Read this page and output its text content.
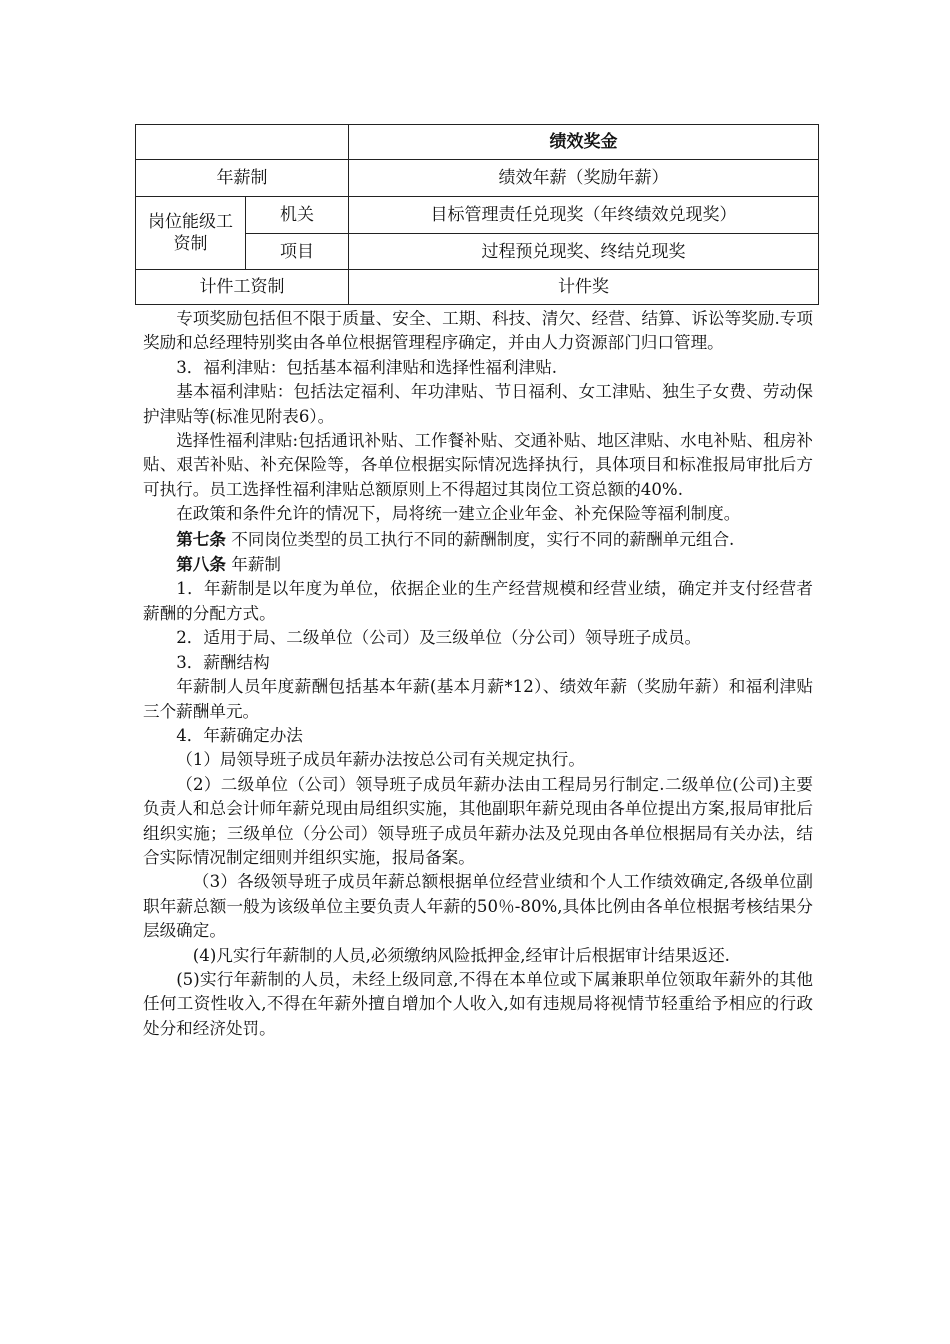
		绩效奖金
年薪制		绩效年薪（奖励年薪）
岗位能级工资制	机关	目标管理责任兑现奖（年终绩效兑现奖）
	项目	过程预兑现奖、终结兑现奖
计件工资制		计件奖

专项奖励包括但不限于质量、安全、工期、科技、清欠、经营、结算、诉讼等奖励.专项奖励和总经理特别奖由各单位根据管理程序确定，并由人力资源部门归口管理。

3．福利津贴：包括基本福利津贴和选择性福利津贴.

基本福利津贴：包括法定福利、年功津贴、节日福利、女工津贴、独生子女费、劳动保护津贴等(标准见附表6）。

选择性福利津贴:包括通讯补贴、工作餐补贴、交通补贴、地区津贴、水电补贴、租房补贴、艰苦补贴、补充保险等，各单位根据实际情况选择执行，具体项目和标准报局审批后方可执行。员工选择性福利津贴总额原则上不得超过其岗位工资总额的40%.

在政策和条件允许的情况下，局将统一建立企业年金、补充保险等福利制度。

第七条 不同岗位类型的员工执行不同的薪酬制度，实行不同的薪酬单元组合.

第八条 年薪制

1．年薪制是以年度为单位，依据企业的生产经营规模和经营业绩，确定并支付经营者薪酬的分配方式。

2．适用于局、二级单位（公司）及三级单位（分公司）领导班子成员。

3．薪酬结构

年薪制人员年度薪酬包括基本年薪(基本月薪*12）、绩效年薪（奖励年薪）和福利津贴三个薪酬单元。

4．年薪确定办法

（1）局领导班子成员年薪办法按总公司有关规定执行。

（2）二级单位（公司）领导班子成员年薪办法由工程局另行制定.二级单位(公司)主要负责人和总会计师年薪兑现由局组织实施，其他副职年薪兑现由各单位提出方案,报局审批后组织实施；三级单位（分公司）领导班子成员年薪办法及兑现由各单位根据局有关办法，结合实际情况制定细则并组织实施，报局备案。

（3）各级领导班子成员年薪总额根据单位经营业绩和个人工作绩效确定,各级单位副职年薪总额一般为该级单位主要负责人年薪的50％-80%,具体比例由各单位根据考核结果分层级确定。

(4)凡实行年薪制的人员,必须缴纳风险抵押金,经审计后根据审计结果返还.

(5)实行年薪制的人员，未经上级同意,不得在本单位或下属兼职单位领取年薪外的其他任何工资性收入,不得在年薪外擅自增加个人收入,如有违规局将视情节轻重给予相应的行政处分和经济处罚。
